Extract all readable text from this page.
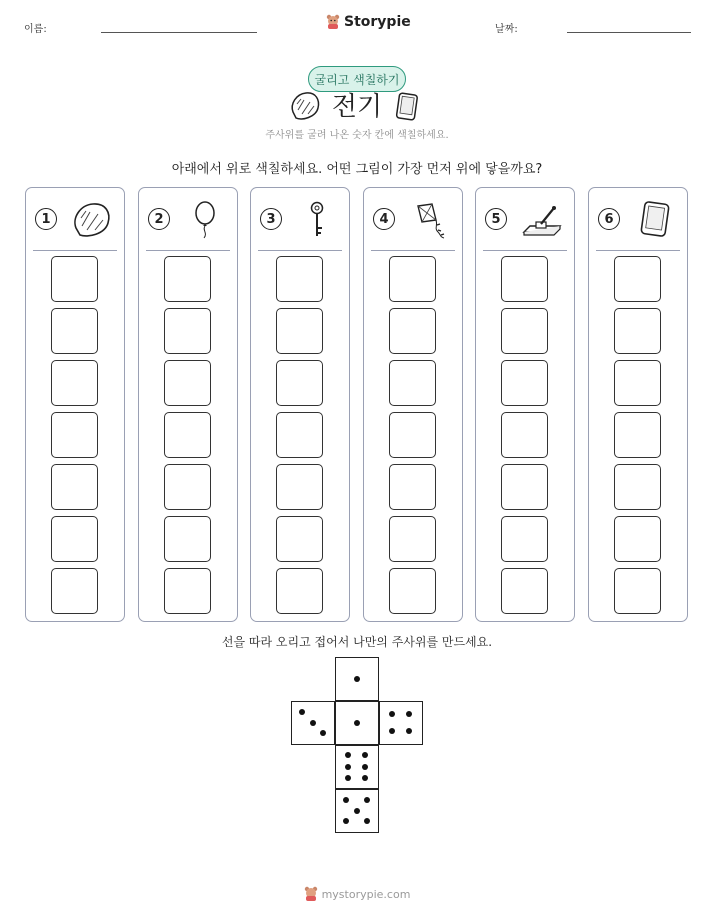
이름:	Storypie	날짜:
굴리고 색칠하기
전기
주사위를 굴려 나온 숫자 칸에 색칠하세요.
아래에서 위로 색칠하세요. 어떤 그림이 가장 먼저 위에 닿을까요?
1	2	3	4	5	6
선을 따라 오리고 접어서 나만의 주사위를 만드세요.
mystorypie.com
